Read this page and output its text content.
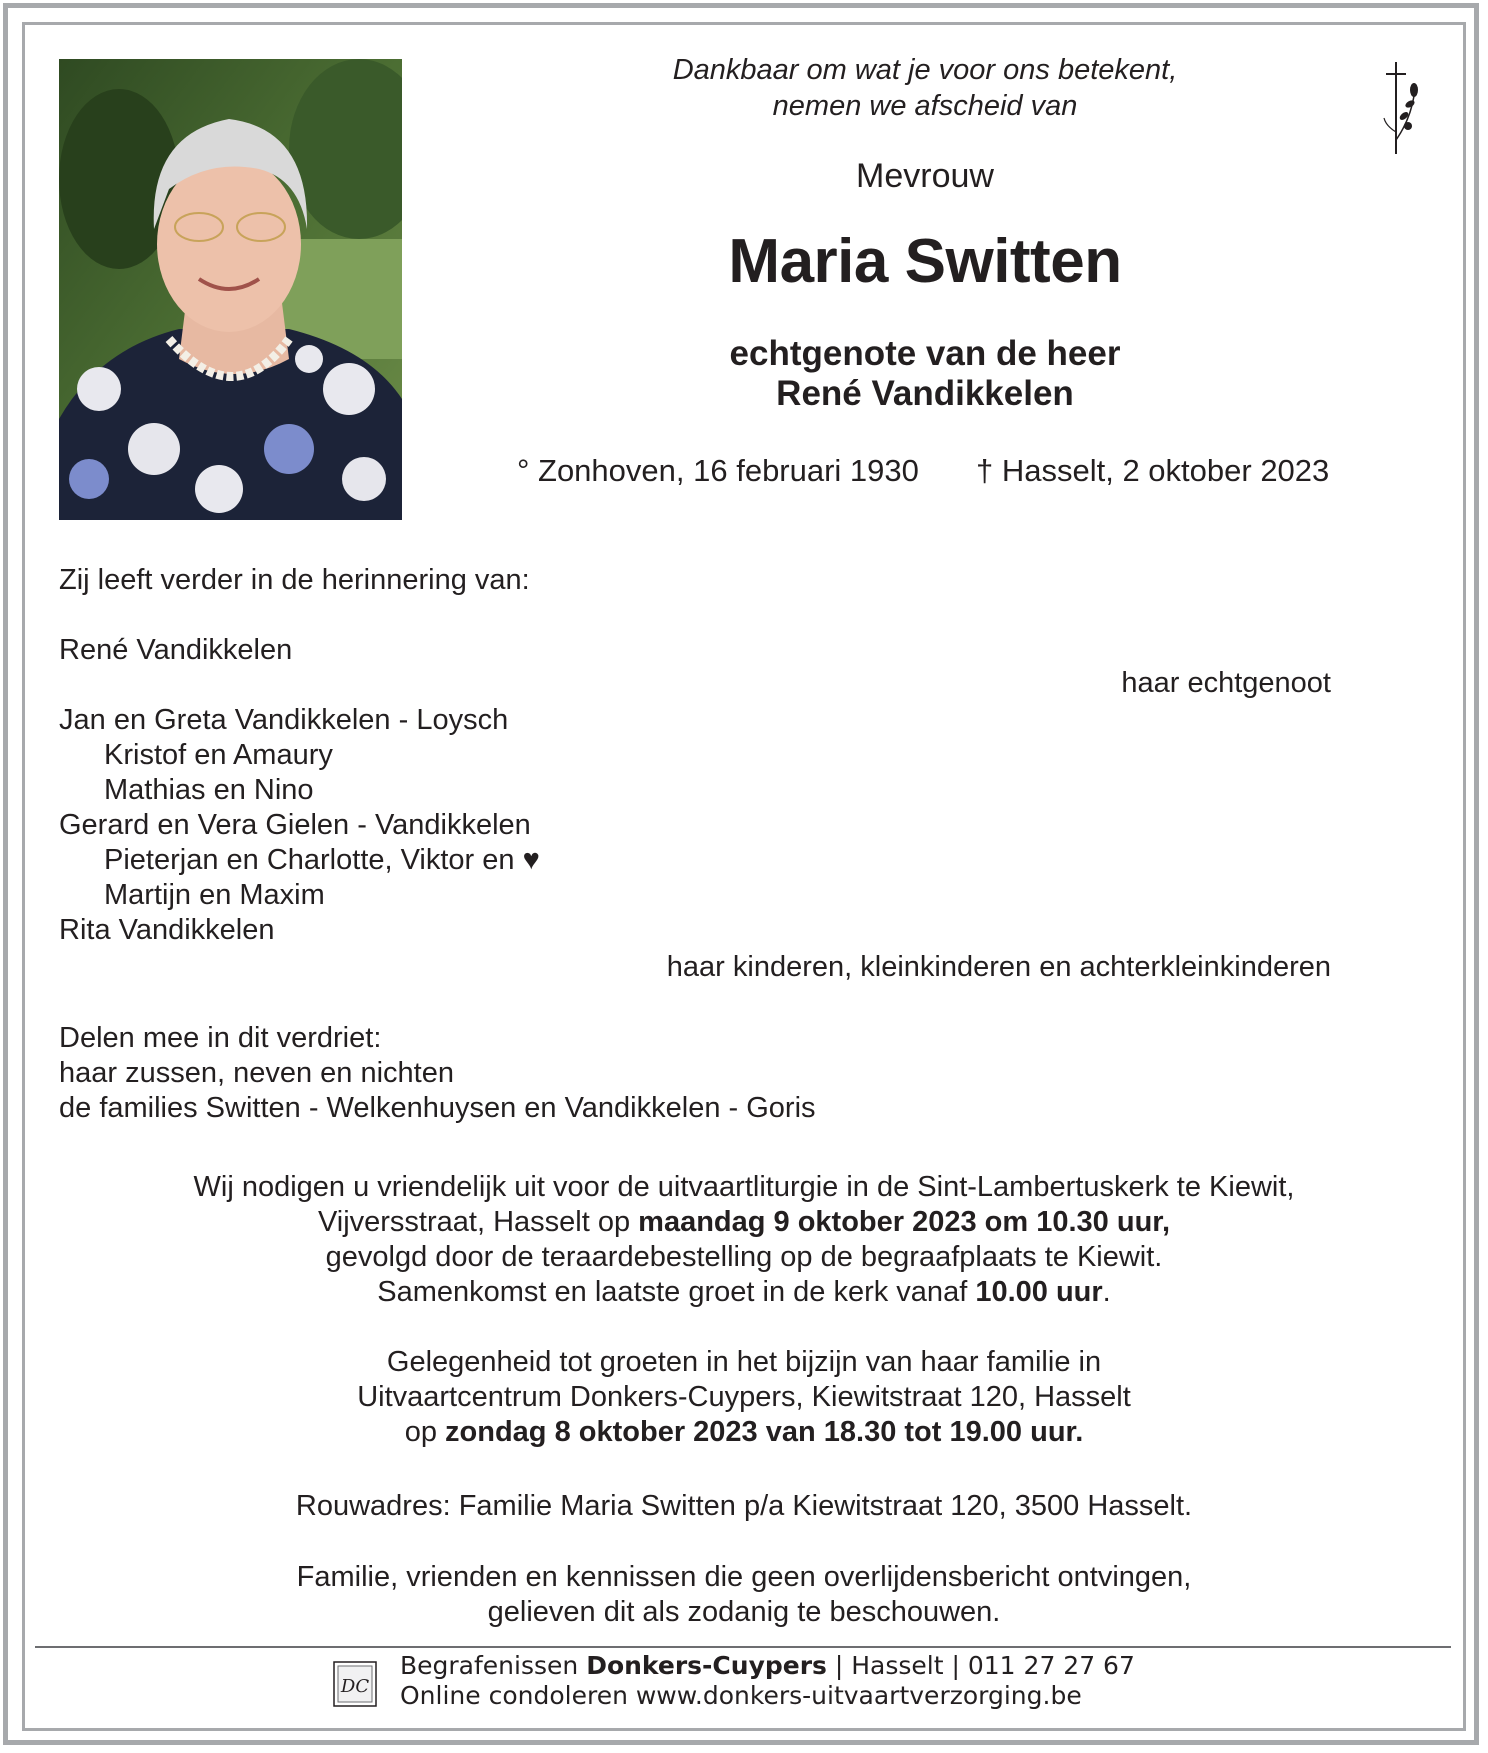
Dankbaar om wat je voor ons betekent,
nemen we afscheid van
Mevrouw
Maria Switten
echtgenote van de heer
René Vandikkelen
° Zonhoven, 16 februari 1930 † Hasselt, 2 oktober 2023
Zij leeft verder in de herinnering van:
René Vandikkelen
haar echtgenoot
Jan en Greta Vandikkelen - Loysch
Kristof en Amaury
Mathias en Nino
Gerard en Vera Gielen - Vandikkelen
Pieterjan en Charlotte, Viktor en ♥
Martijn en Maxim
Rita Vandikkelen
haar kinderen, kleinkinderen en achterkleinkinderen
Delen mee in dit verdriet:
haar zussen, neven en nichten
de families Switten - Welkenhuysen en Vandikkelen - Goris
Wij nodigen u vriendelijk uit voor de uitvaartliturgie in de Sint-Lambertuskerk te Kiewit,
Vijversstraat, Hasselt op maandag 9 oktober 2023 om 10.30 uur,
gevolgd door de teraardebestelling op de begraafplaats te Kiewit.
Samenkomst en laatste groet in de kerk vanaf 10.00 uur.
Gelegenheid tot groeten in het bijzijn van haar familie in
Uitvaartcentrum Donkers-Cuypers, Kiewitstraat 120, Hasselt
op zondag 8 oktober 2023 van 18.30 tot 19.00 uur.
Rouwadres: Familie Maria Switten p/a Kiewitstraat 120, 3500 Hasselt.
Familie, vrienden en kennissen die geen overlijdensbericht ontvingen,
gelieven dit als zodanig te beschouwen.
DC
Begrafenissen Donkers-Cuypers | Hasselt | 011 27 27 67
Online condoleren www.donkers-uitvaartverzorging.be
